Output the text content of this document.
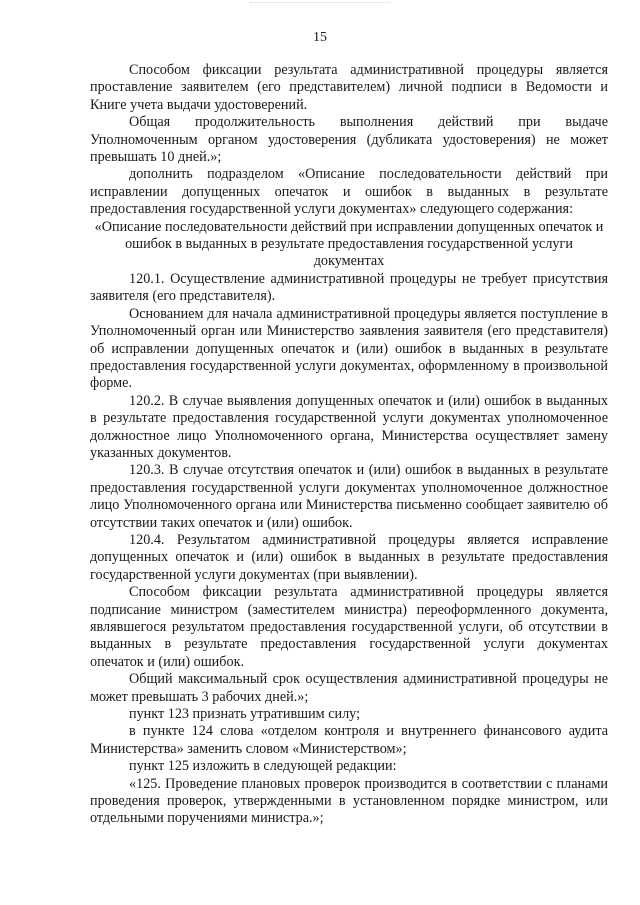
15

Способом фиксации результата административной процедуры является проставление заявителем (его представителем) личной подписи в Ведомости и Книге учета выдачи удостоверений.

Общая продолжительность выполнения действий при выдаче Уполномоченным органом удостоверения (дубликата удостоверения) не может превышать 10 дней.»;

дополнить подразделом «Описание последовательности действий при исправлении допущенных опечаток и ошибок в выданных в результате предоставления государственной услуги документах» следующего содержания:

«Описание последовательности действий при исправлении допущенных опечаток и ошибок в выданных в результате предоставления государственной услуги документах

120.1. Осуществление административной процедуры не требует присутствия заявителя (его представителя).

Основанием для начала административной процедуры является поступление в Уполномоченный орган или Министерство заявления заявителя (его представителя) об исправлении допущенных опечаток и (или) ошибок в выданных в результате предоставления государственной услуги документах, оформленному в произвольной форме.

120.2. В случае выявления допущенных опечаток и (или) ошибок в выданных в результате предоставления государственной услуги документах уполномоченное должностное лицо Уполномоченного органа, Министерства осуществляет замену указанных документов.

120.3. В случае отсутствия опечаток и (или) ошибок в выданных в результате предоставления государственной услуги документах уполномоченное должностное лицо Уполномоченного органа или Министерства письменно сообщает заявителю об отсутствии таких опечаток и (или) ошибок.

120.4. Результатом административной процедуры является исправление допущенных опечаток и (или) ошибок в выданных в результате предоставления государственной услуги документах (при выявлении).

Способом фиксации результата административной процедуры является подписание министром (заместителем министра) переоформленного документа, являвшегося результатом предоставления государственной услуги, об отсутствии в выданных в результате предоставления государственной услуги документах опечаток и (или) ошибок.

Общий максимальный срок осуществления административной процедуры не может превышать 3 рабочих дней.»;

пункт 123 признать утратившим силу;

в пункте 124 слова «отделом контроля и внутреннего финансового аудита Министерства» заменить словом «Министерством»;

пункт 125 изложить в следующей редакции:

«125. Проведение плановых проверок производится в соответствии с планами проведения проверок, утвержденными в установленном порядке министром, или отдельными поручениями министра.»;
